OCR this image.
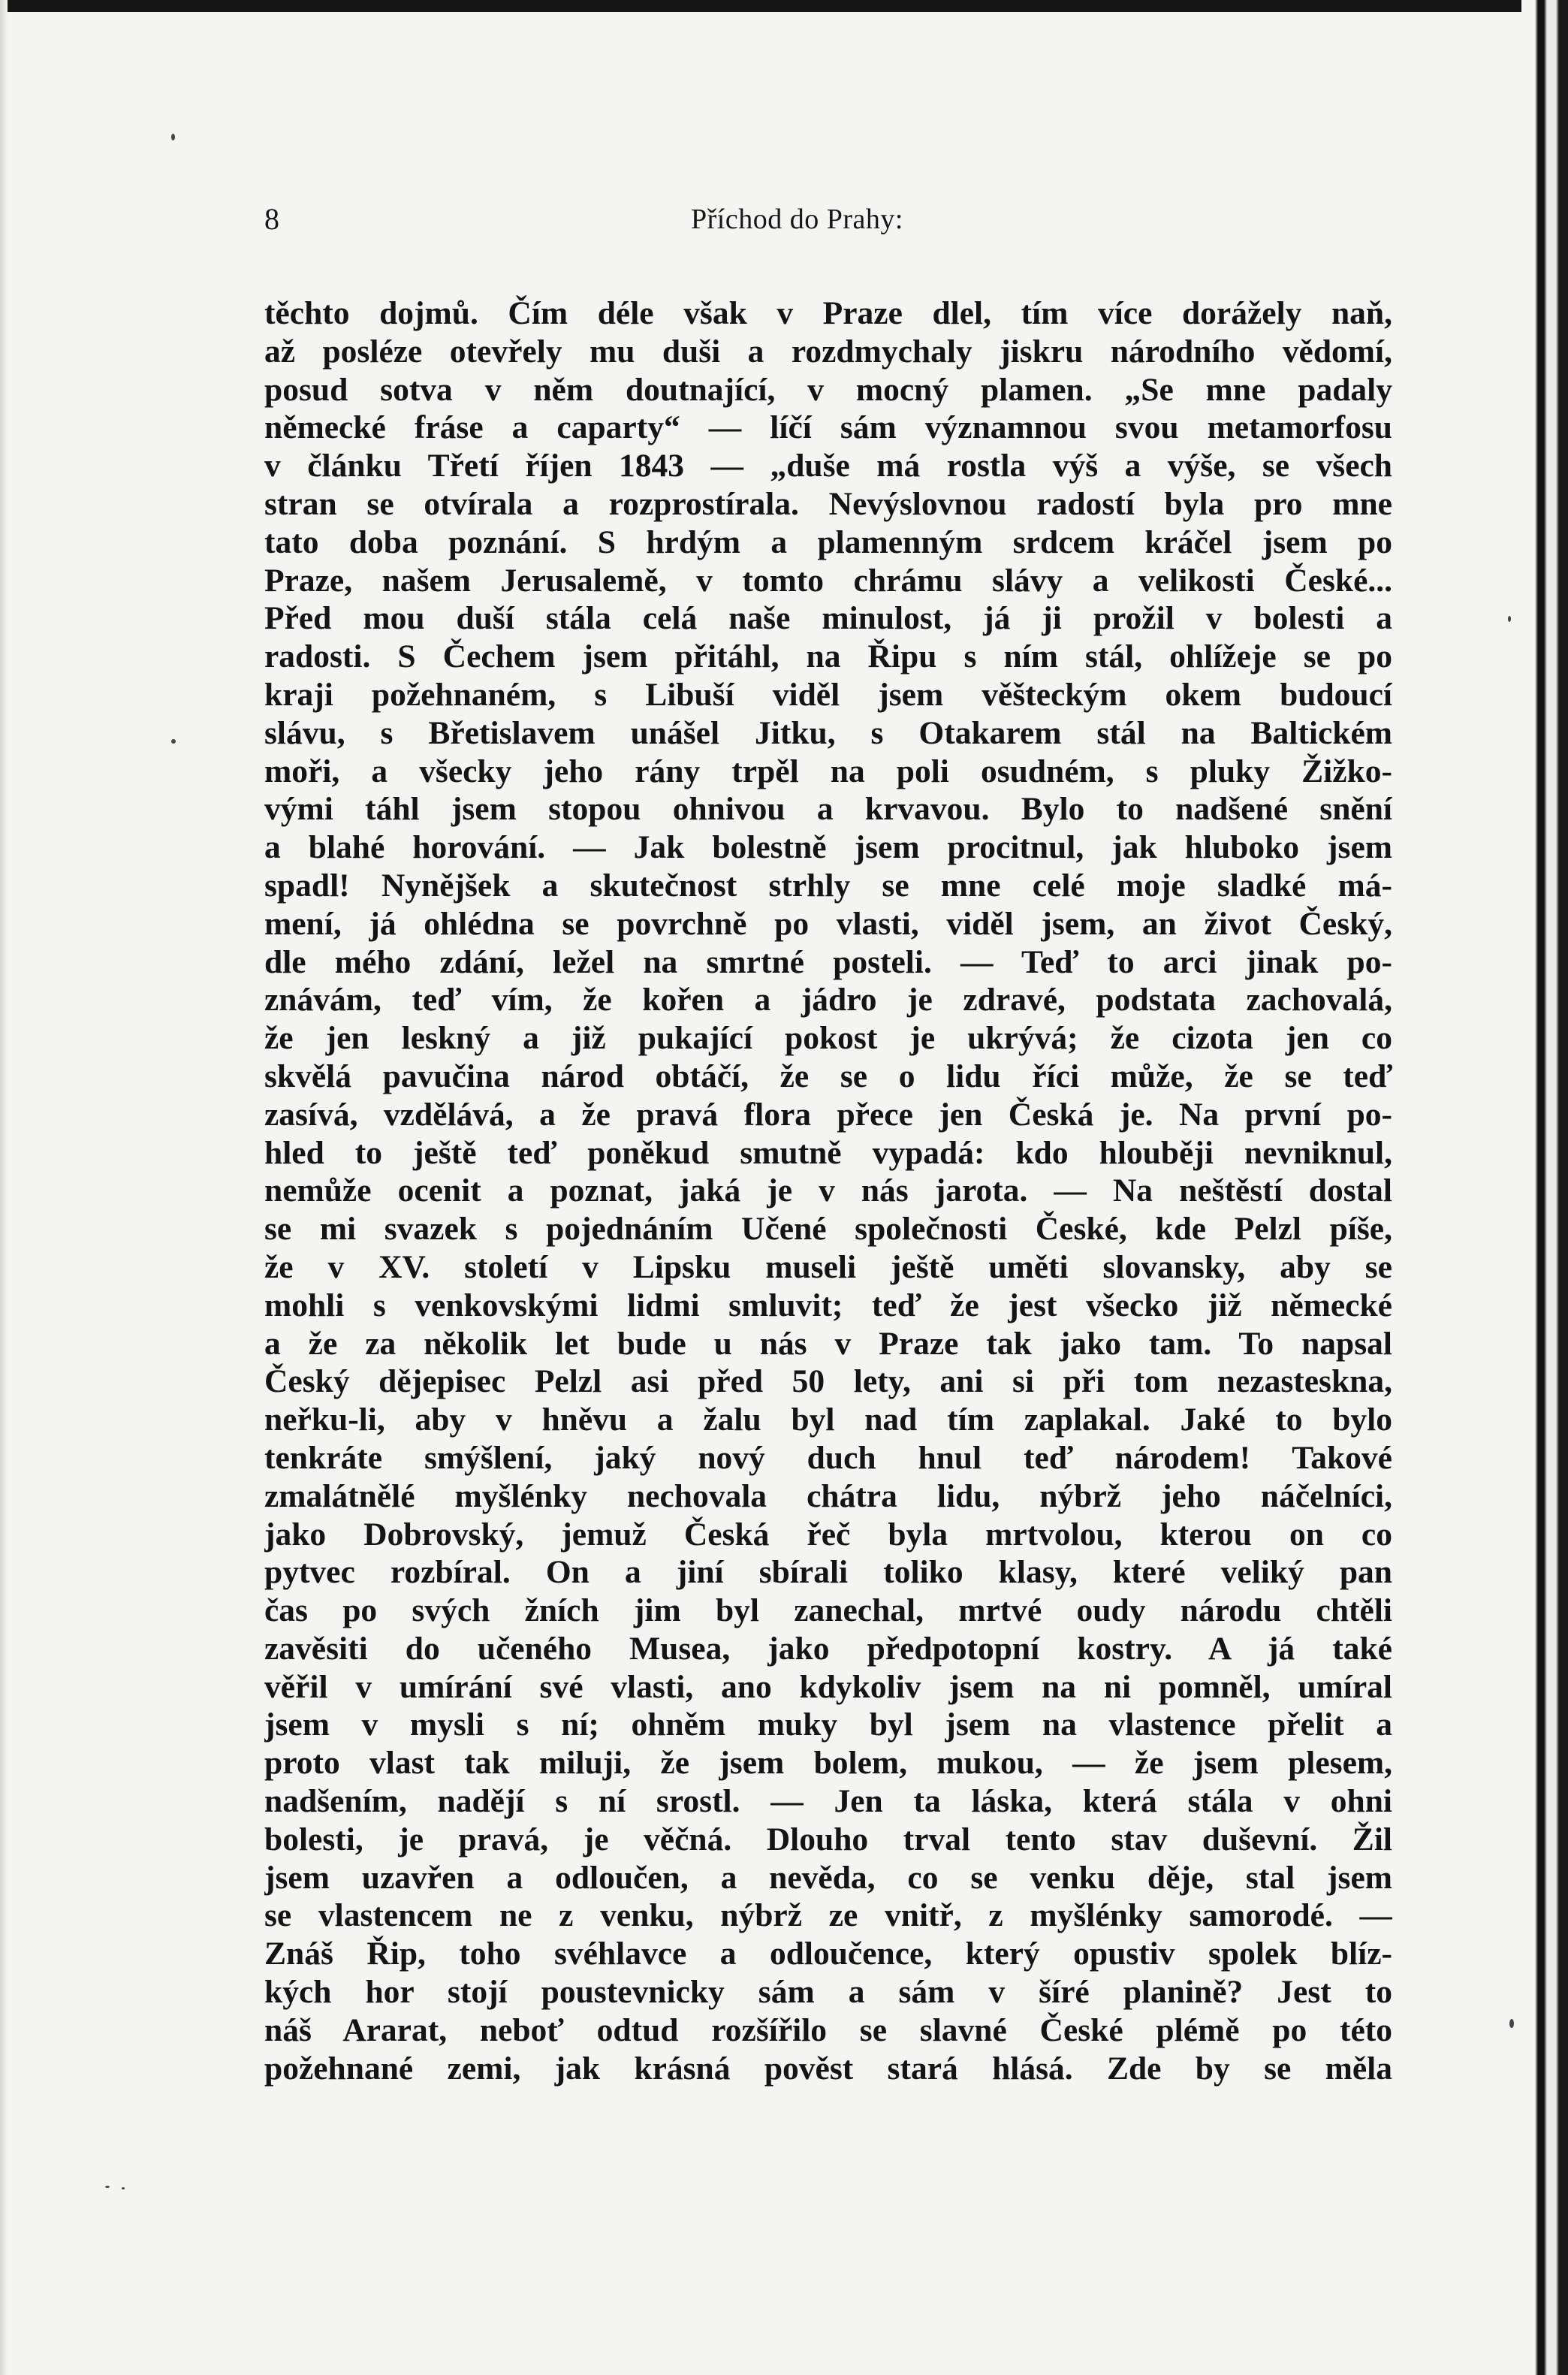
8	Příchod do Prahy:
těchto dojmů. Čím déle však v Praze dlel, tím více dorážely naň,
až posléze otevřely mu duši a rozdmychaly jiskru národního vědomí,
posud sotva v něm doutnající, v mocný plamen. „Se mne padaly
německé fráse a caparty“ — líčí sám významnou svou metamorfosu
v článku Třetí říjen 1843 — „duše má rostla výš a výše, se všech
stran se otvírala a rozprostírala. Nevýslovnou radostí byla pro mne
tato doba poznání. S hrdým a plamenným srdcem kráčel jsem po
Praze, našem Jerusalemě, v tomto chrámu slávy a velikosti České...
Před mou duší stála celá naše minulost, já ji prožil v bolesti a
radosti. S Čechem jsem přitáhl, na Řipu s ním stál, ohlížeje se po
kraji požehnaném, s Libuší viděl jsem věšteckým okem budoucí
slávu, s Břetislavem unášel Jitku, s Otakarem stál na Baltickém
moři, a všecky jeho rány trpěl na poli osudném, s pluky Žižko-
vými táhl jsem stopou ohnivou a krvavou. Bylo to nadšené snění
a blahé horování. — Jak bolestně jsem procitnul, jak hluboko jsem
spadl! Nynějšek a skutečnost strhly se mne celé moje sladké má-
mení, já ohlédna se povrchně po vlasti, viděl jsem, an život Český,
dle mého zdání, ležel na smrtné posteli. — Teď to arci jinak po-
znávám, teď vím, že kořen a jádro je zdravé, podstata zachovalá,
že jen leskný a již pukající pokost je ukrývá; že cizota jen co
skvělá pavučina národ obtáčí, že se o lidu říci může, že se teď
zasívá, vzdělává, a že pravá flora přece jen Česká je. Na první po-
hled to ještě teď poněkud smutně vypadá: kdo hlouběji nevniknul,
nemůže ocenit a poznat, jaká je v nás jarota. — Na neštěstí dostal
se mi svazek s pojednáním Učené společnosti České, kde Pelzl píše,
že v XV. století v Lipsku museli ještě uměti slovansky, aby se
mohli s venkovskými lidmi smluvit; teď že jest všecko již německé
a že za několik let bude u nás v Praze tak jako tam. To napsal
Český dějepisec Pelzl asi před 50 lety, ani si při tom nezasteskna,
neřku-li, aby v hněvu a žalu byl nad tím zaplakal. Jaké to bylo
tenkráte smýšlení, jaký nový duch hnul teď národem! Takové
zmalátnělé myšlénky nechovala chátra lidu, nýbrž jeho náčelníci,
jako Dobrovský, jemuž Česká řeč byla mrtvolou, kterou on co
pytvec rozbíral. On a jiní sbírali toliko klasy, které veliký pan
čas po svých žních jim byl zanechal, mrtvé oudy národu chtěli
zavěsiti do učeného Musea, jako předpotopní kostry. A já také
věřil v umírání své vlasti, ano kdykoliv jsem na ni pomněl, umíral
jsem v mysli s ní; ohněm muky byl jsem na vlastence přelit a
proto vlast tak miluji, že jsem bolem, mukou, — že jsem plesem,
nadšením, nadějí s ní srostl. — Jen ta láska, která stála v ohni
bolesti, je pravá, je věčná. Dlouho trval tento stav duševní. Žil
jsem uzavřen a odloučen, a nevěda, co se venku děje, stal jsem
se vlastencem ne z venku, nýbrž ze vnitř, z myšlénky samorodé. —
Znáš Řip, toho svéhlavce a odloučence, který opustiv spolek blíz-
kých hor stojí poustevnicky sám a sám v šíré planině? Jest to
náš Ararat, neboť odtud rozšířilo se slavné České plémě po této
požehnané zemi, jak krásná pověst stará hlásá. Zde by se měla
